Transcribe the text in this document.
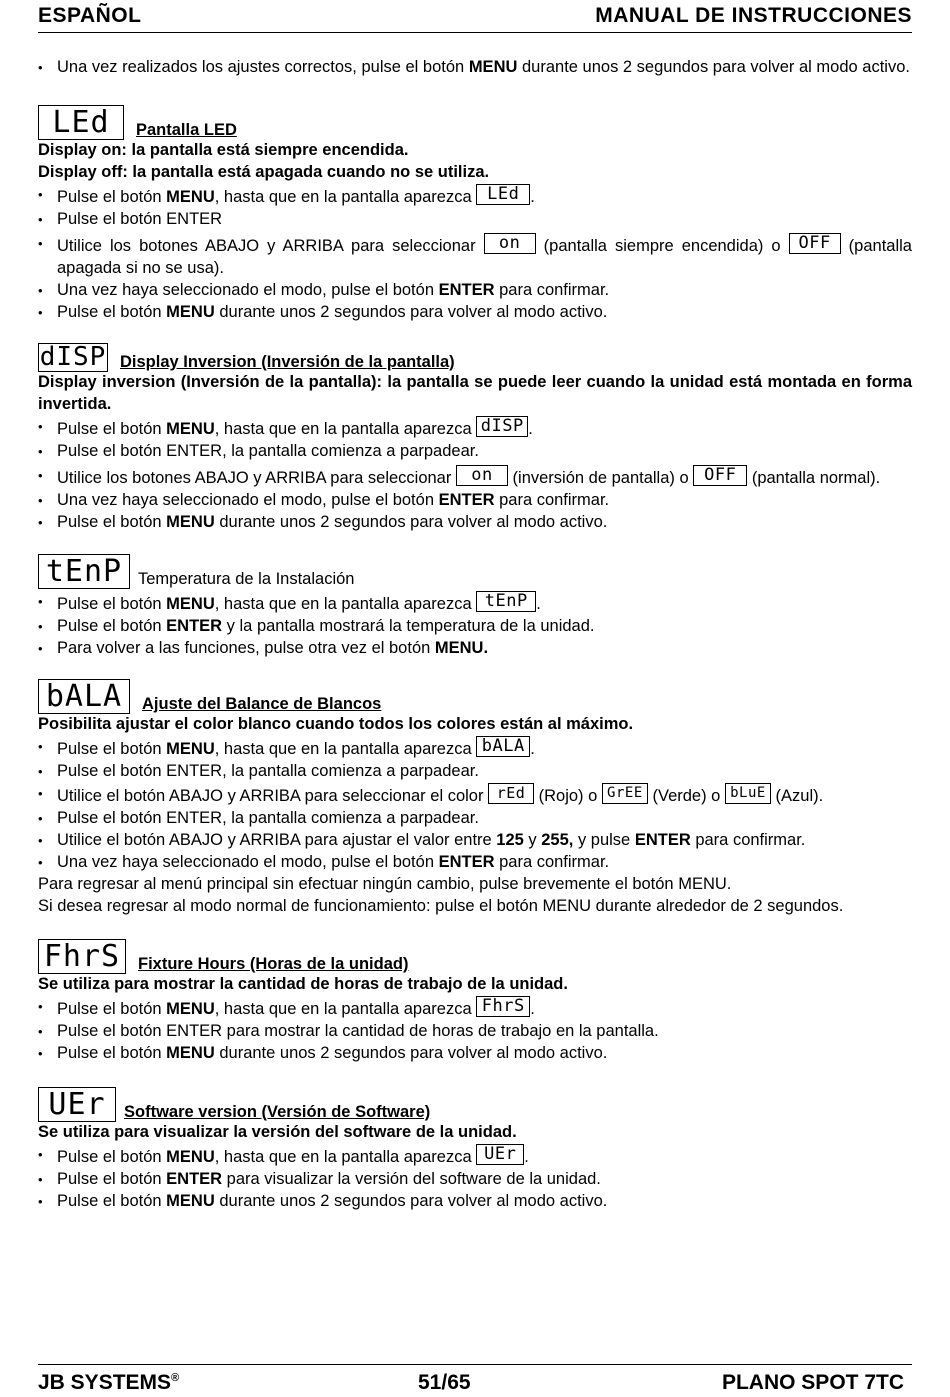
ESPAÑOL	MANUAL DE INSTRUCCIONES
• Una vez realizados los ajustes correctos, pulse el botón MENU durante unos 2 segundos para volver al modo activo.
LEd	Pantalla LED
Display on: la pantalla está siempre encendida.
Display off: la pantalla está apagada cuando no se utiliza.
• Pulse el botón MENU, hasta que en la pantalla aparezca LEd .
• Pulse el botón ENTER
• Utilice los botones ABAJO y ARRIBA para seleccionar on (pantalla siempre encendida) o OFF (pantalla apagada si no se usa).
• Una vez haya seleccionado el modo, pulse el botón ENTER para confirmar.
• Pulse el botón MENU durante unos 2 segundos para volver al modo activo.
dISP Display Inversion (Inversión de la pantalla)
Display inversion (Inversión de la pantalla): la pantalla se puede leer cuando la unidad está montada en forma invertida.
• Pulse el botón MENU, hasta que en la pantalla aparezca dISP .
• Pulse el botón ENTER, la pantalla comienza a parpadear.
• Utilice los botones ABAJO y ARRIBA para seleccionar on (inversión de pantalla) o OFF (pantalla normal).
• Una vez haya seleccionado el modo, pulse el botón ENTER para confirmar.
• Pulse el botón MENU durante unos 2 segundos para volver al modo activo.
tEnP Temperatura de la Instalación
• Pulse el botón MENU, hasta que en la pantalla aparezca tEnP .
• Pulse el botón ENTER y la pantalla mostrará la temperatura de la unidad.
• Para volver a las funciones, pulse otra vez el botón MENU.
bALA	Ajuste del Balance de Blancos
Posibilita ajustar el color blanco cuando todos los colores están al máximo.
• Pulse el botón MENU, hasta que en la pantalla aparezca bALA .
• Pulse el botón ENTER, la pantalla comienza a parpadear.
• Utilice el botón ABAJO y ARRIBA para seleccionar el color rEd (Rojo) o GrEE (Verde) o bLuE (Azul).
• Pulse el botón ENTER, la pantalla comienza a parpadear.
• Utilice el botón ABAJO y ARRIBA para ajustar el valor entre 125 y 255, y pulse ENTER para confirmar.
• Una vez haya seleccionado el modo, pulse el botón ENTER para confirmar.
Para regresar al menú principal sin efectuar ningún cambio, pulse brevemente el botón MENU.
Si desea regresar al modo normal de funcionamiento: pulse el botón MENU durante alrededor de 2 segundos.
FhrS	Fixture Hours (Horas de la unidad)
Se utiliza para mostrar la cantidad de horas de trabajo de la unidad.
• Pulse el botón MENU, hasta que en la pantalla aparezca FhrS .
• Pulse el botón ENTER para mostrar la cantidad de horas de trabajo en la pantalla.
• Pulse el botón MENU durante unos 2 segundos para volver al modo activo.
UEr	Software version (Versión de Software)
Se utiliza para visualizar la versión del software de la unidad.
• Pulse el botón MENU, hasta que en la pantalla aparezca UEr .
• Pulse el botón ENTER para visualizar la versión del software de la unidad.
• Pulse el botón MENU durante unos 2 segundos para volver al modo activo.
JB SYSTEMS®	51/65	PLANO SPOT 7TC
